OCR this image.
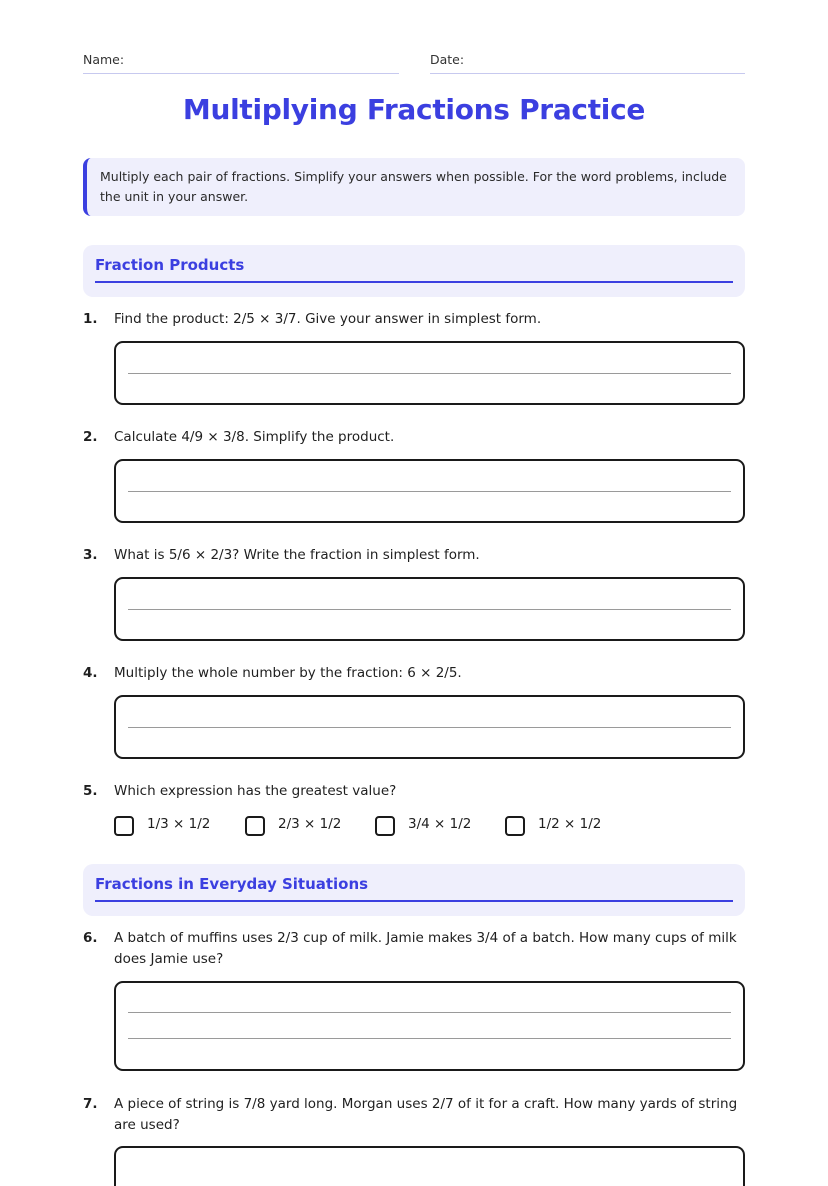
Name:	Date:
Multiplying Fractions Practice
Multiply each pair of fractions. Simplify your answers when possible. For the word problems, include the unit in your answer.
Fraction Products
1. Find the product: 2/5 × 3/7. Give your answer in simplest form.
2. Calculate 4/9 × 3/8. Simplify the product.
3. What is 5/6 × 2/3? Write the fraction in simplest form.
4. Multiply the whole number by the fraction: 6 × 2/5.
5. Which expression has the greatest value?
1/3 × 1/2	2/3 × 1/2	3/4 × 1/2	1/2 × 1/2
Fractions in Everyday Situations
6. A batch of muffins uses 2/3 cup of milk. Jamie makes 3/4 of a batch. How many cups of milk does Jamie use?
7. A piece of string is 7/8 yard long. Morgan uses 2/7 of it for a craft. How many yards of string are used?
